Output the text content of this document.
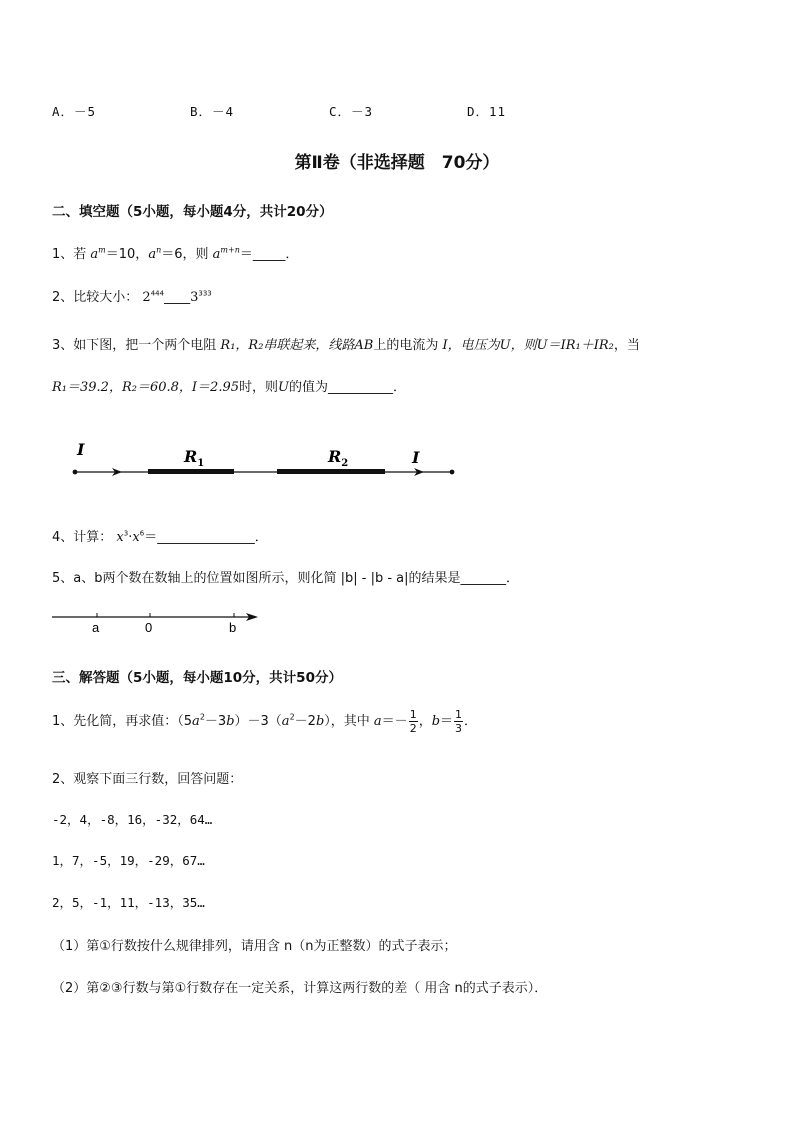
A．－5	B．－4	C．－3	D．11
第Ⅱ卷（非选择题　70分）
二、填空题（5小题，每小题4分，共计20分）
1、若 $a^m=10$，$a^n=6$，则 $a^{m+n}=\_\_\_\_\_$．
2、比较大小： $2^{444}\_\_\_\_3^{333}$
3、如下图，把一个两个电阻 R₁，R₂串联起来，线路AB上的电流为 I，电压为U，则U＝IR₁＋IR₂，当
R₁＝39.2，R₂＝60.8，I＝2.95时，则U的值为__________．
I	$R_1$	$R_2$	I
4、计算： $x^3\cdot x^6=\_\_\_\_\_\_\_\_\_\_\_\_\_\_\_$．
5、a、b两个数在数轴上的位置如图所示，则化简 |b| - |b - a|的结果是_______．
a	0	b
三、解答题（5小题，每小题10分，共计50分）
1、先化简，再求值：$(5a^2-3b)-3(a^2-2b)$，其中 $a=- \frac{1}{2}$ ，$b= \frac{1}{3}$ ．
2、观察下面三行数，回答问题：
-2，4，-8，16，-32，64…
1，7，-5，19，-29，67…
2，5，-1，11，-13，35…
（1）第①行数按什么规律排列，请用含 n（n为正整数）的式子表示；
（2）第②③行数与第①行数存在一定关系，计算这两行数的差（ 用含 n的式子表示）．
